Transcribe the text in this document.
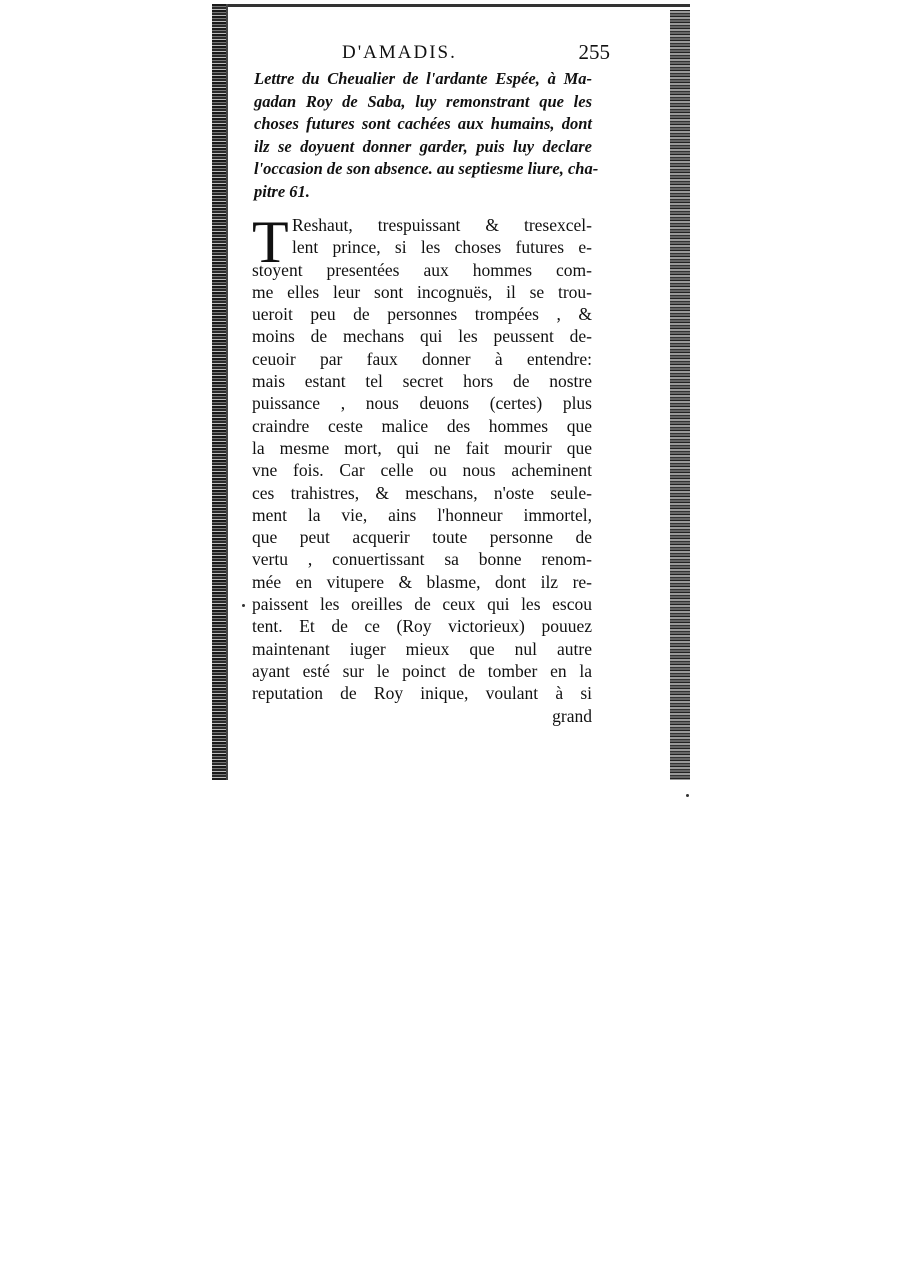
D'AMADIS.	255

Lettre du Cheualier de l'ardante Espée, à Ma-
gadan Roy de Saba, luy remonstrant que les
choses futures sont cachées aux humains, dont
ilz se doyuent donner garder, puis luy declare
l'occasion de son absence. au septiesme liure, cha-
pitre 61.

T Reshaut, trespuissant & tresexcel-
lent prince, si les choses futures e-
stoyent presentées aux hommes com-
me elles leur sont incognuës, il se trou-
ueroit peu de personnes trompées , &
moins de mechans qui les peussent de-
ceuoir par faux donner à entendre:
mais estant tel secret hors de nostre
puissance , nous deuons (certes) plus
craindre ceste malice des hommes que
la mesme mort, qui ne fait mourir que
vne fois. Car celle ou nous acheminent
ces trahistres, & meschans, n'oste seule-
ment la vie, ains l'honneur immortel,
que peut acquerir toute personne de
vertu , conuertissant sa bonne renom-
mée en vitupere & blasme, dont ilz re-
paissent les oreilles de ceux qui les escou
tent. Et de ce (Roy victorieux) pouuez
maintenant iuger mieux que nul autre
ayant esté sur le poinct de tomber en la
reputation de Roy inique, voulant à si
grand
